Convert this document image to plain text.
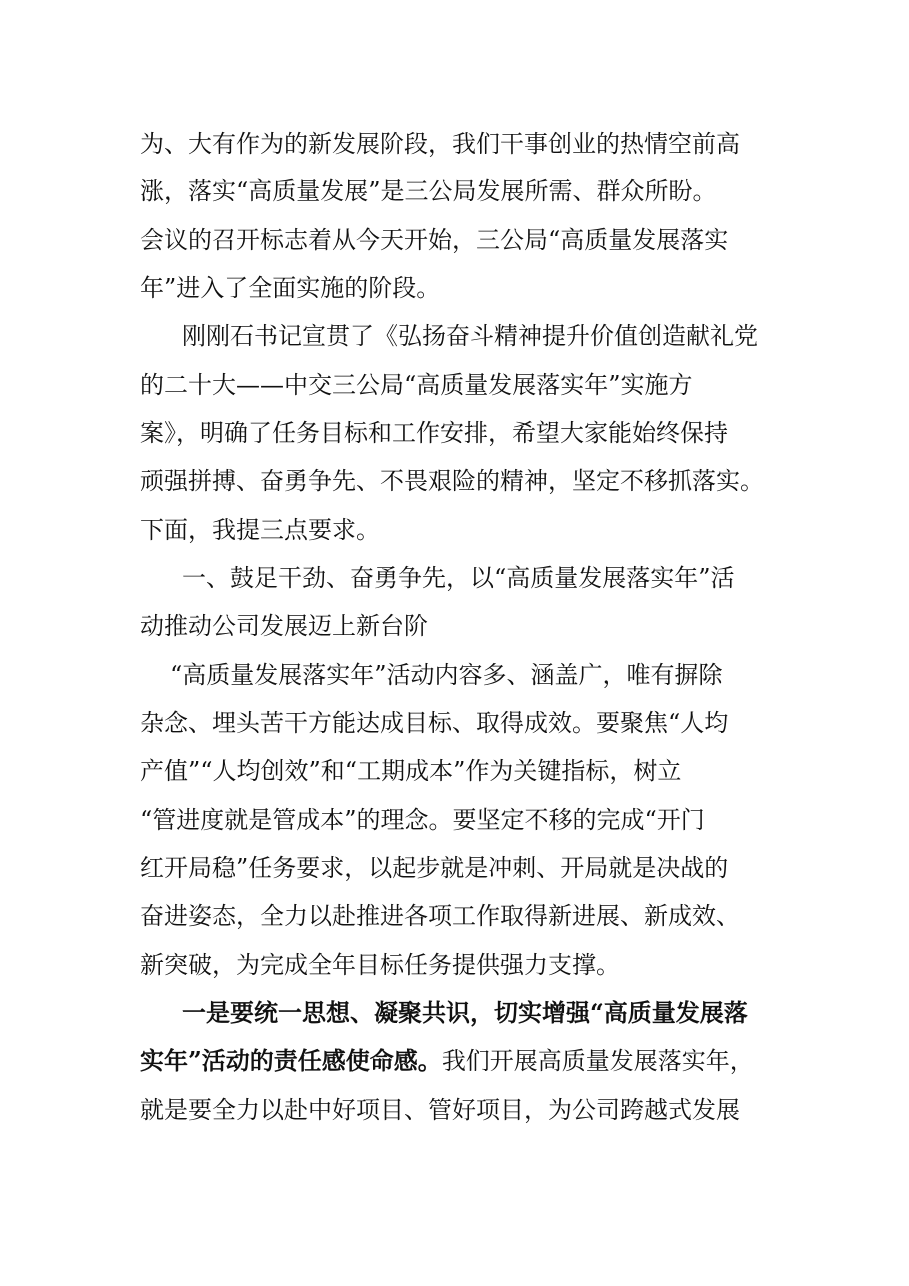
为、大有作为的新发展阶段，我们干事创业的热情空前高
涨，落实“高质量发展”是三公局发展所需、群众所盼。
会议的召开标志着从今天开始，三公局“高质量发展落实
年”进入了全面实施的阶段。
刚刚石书记宣贯了《弘扬奋斗精神提升价值创造献礼党
的二十大——中交三公局“高质量发展落实年”实施方
案》，明确了任务目标和工作安排，希望大家能始终保持
顽强拼搏、奋勇争先、不畏艰险的精神，坚定不移抓落实。
下面，我提三点要求。
一、鼓足干劲、奋勇争先，以“高质量发展落实年”活
动推动公司发展迈上新台阶
“高质量发展落实年”活动内容多、涵盖广，唯有摒除
杂念、埋头苦干方能达成目标、取得成效。要聚焦“人均
产值”“人均创效”和“工期成本”作为关键指标，树立
“管进度就是管成本”的理念。要坚定不移的完成“开门
红开局稳”任务要求，以起步就是冲刺、开局就是决战的
奋进姿态，全力以赴推进各项工作取得新进展、新成效、
新突破，为完成全年目标任务提供强力支撑。
一是要统一思想、凝聚共识，切实增强“高质量发展落
实年”活动的责任感使命感。我们开展高质量发展落实年，
就是要全力以赴中好项目、管好项目，为公司跨越式发展
